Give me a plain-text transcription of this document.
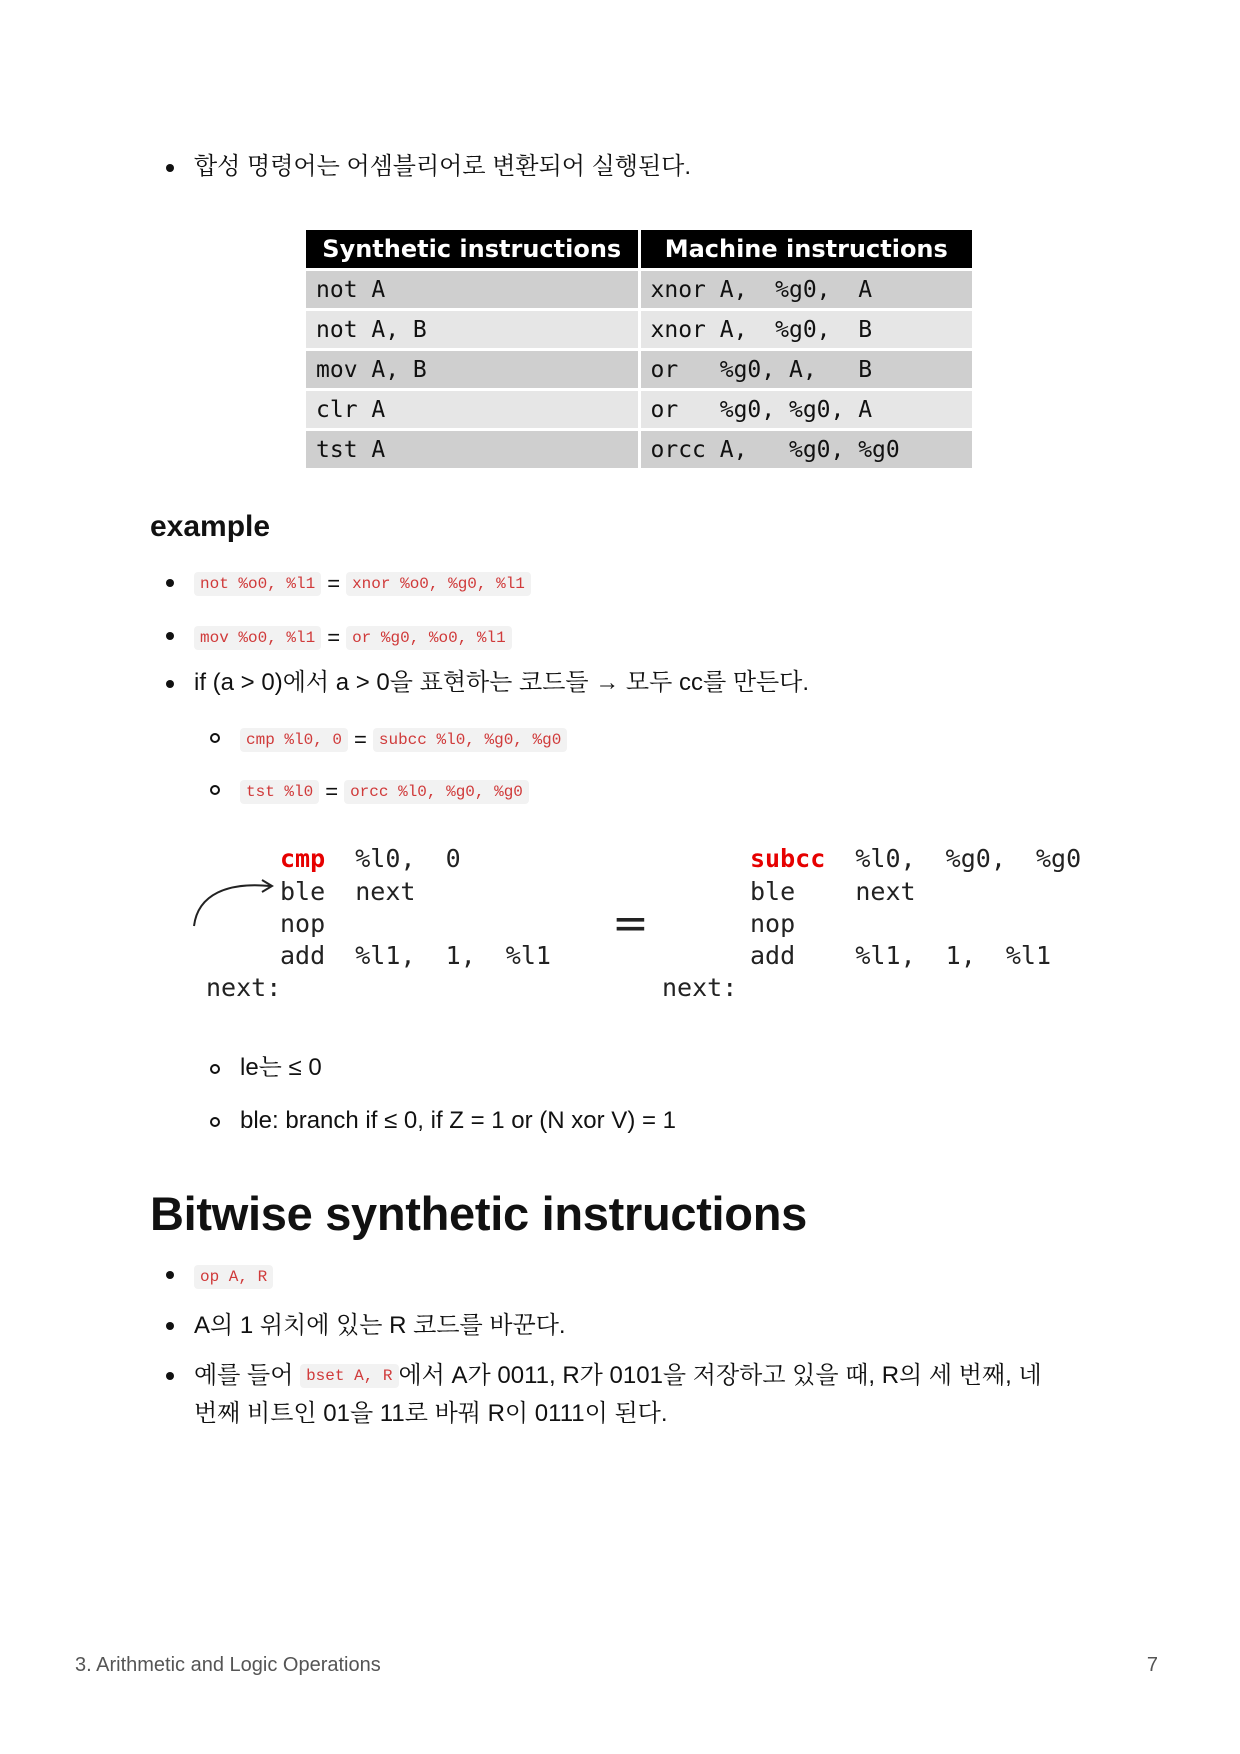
합성 명령어는 어셈블리어로 변환되어 실행된다.
Synthetic instructions	Machine instructions
not A	xnor A,  %g0,  A
not A, B	xnor A,  %g0,  B
mov A, B	or   %g0, A,   B
clr A	or   %g0, %g0, A
tst A	orcc A,   %g0, %g0
example
not %o0, %l1 = xnor %o0, %g0, %l1
mov %o0, %l1 = or %g0, %o0, %l1
if (a > 0)에서 a > 0을 표현하는 코드들 → 모두 cc를 만든다.
cmp %l0, 0 = subcc %l0, %g0, %g0
tst %l0 = orcc %l0, %g0, %g0
cmp  %l0,  0
ble  next
nop
add  %l1,  1,  %l1
next:
=
subcc  %l0,  %g0,  %g0
ble    next
nop
add    %l1,  1,  %l1
next:
le는 ≤ 0
ble: branch if ≤ 0, if Z = 1 or (N xor V) = 1
Bitwise synthetic instructions
op A, R
A의 1 위치에 있는 R 코드를 바꾼다.
예를 들어 bset A, R 에서 A가 0011, R가 0101을 저장하고 있을 때, R의 세 번째, 네
번째 비트인 01을 11로 바꿔 R이 0111이 된다.
3. Arithmetic and Logic Operations	7
